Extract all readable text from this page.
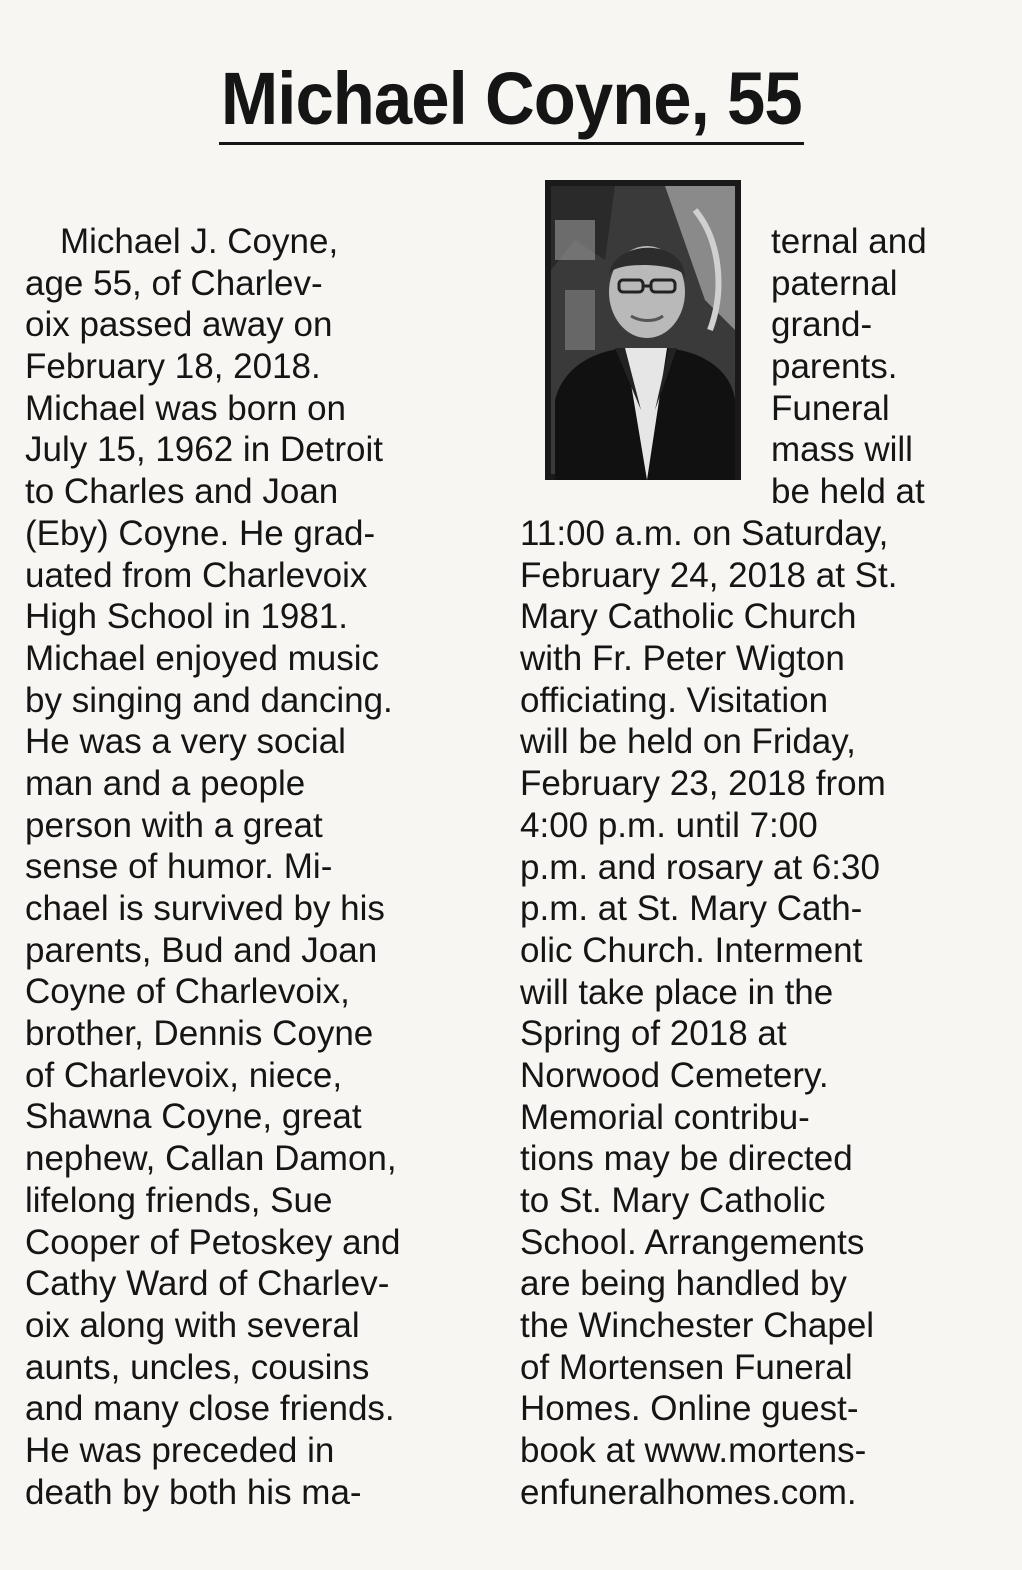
Michael Coyne, 55
 Michael J. Coyne,
age 55, of Charlev-
oix passed away on
February 18, 2018.
Michael was born on
July 15, 1962 in Detroit
to Charles and Joan
(Eby) Coyne. He grad-
uated from Charlevoix
High School in 1981.
Michael enjoyed music
by singing and dancing.
He was a very social
man and a people
person with a great
sense of humor. Mi-
chael is survived by his
parents, Bud and Joan
Coyne of Charlevoix,
brother, Dennis Coyne
of Charlevoix, niece,
Shawna Coyne, great
nephew, Callan Damon,
lifelong friends, Sue
Cooper of Petoskey and
Cathy Ward of Charlev-
oix along with several
aunts, uncles, cousins
and many close friends.
He was preceded in
death by both his ma-
ternal and
paternal
grand-
parents.
Funeral
mass will
be held at
11:00 a.m. on Saturday,
February 24, 2018 at St.
Mary Catholic Church
with Fr. Peter Wigton
officiating. Visitation
will be held on Friday,
February 23, 2018 from
4:00 p.m. until 7:00
p.m. and rosary at 6:30
p.m. at St. Mary Cath-
olic Church. Interment
will take place in the
Spring of 2018 at
Norwood Cemetery.
Memorial contribu-
tions may be directed
to St. Mary Catholic
School. Arrangements
are being handled by
the Winchester Chapel
of Mortensen Funeral
Homes. Online guest-
book at www.mortens-
enfuneralhomes.com.
